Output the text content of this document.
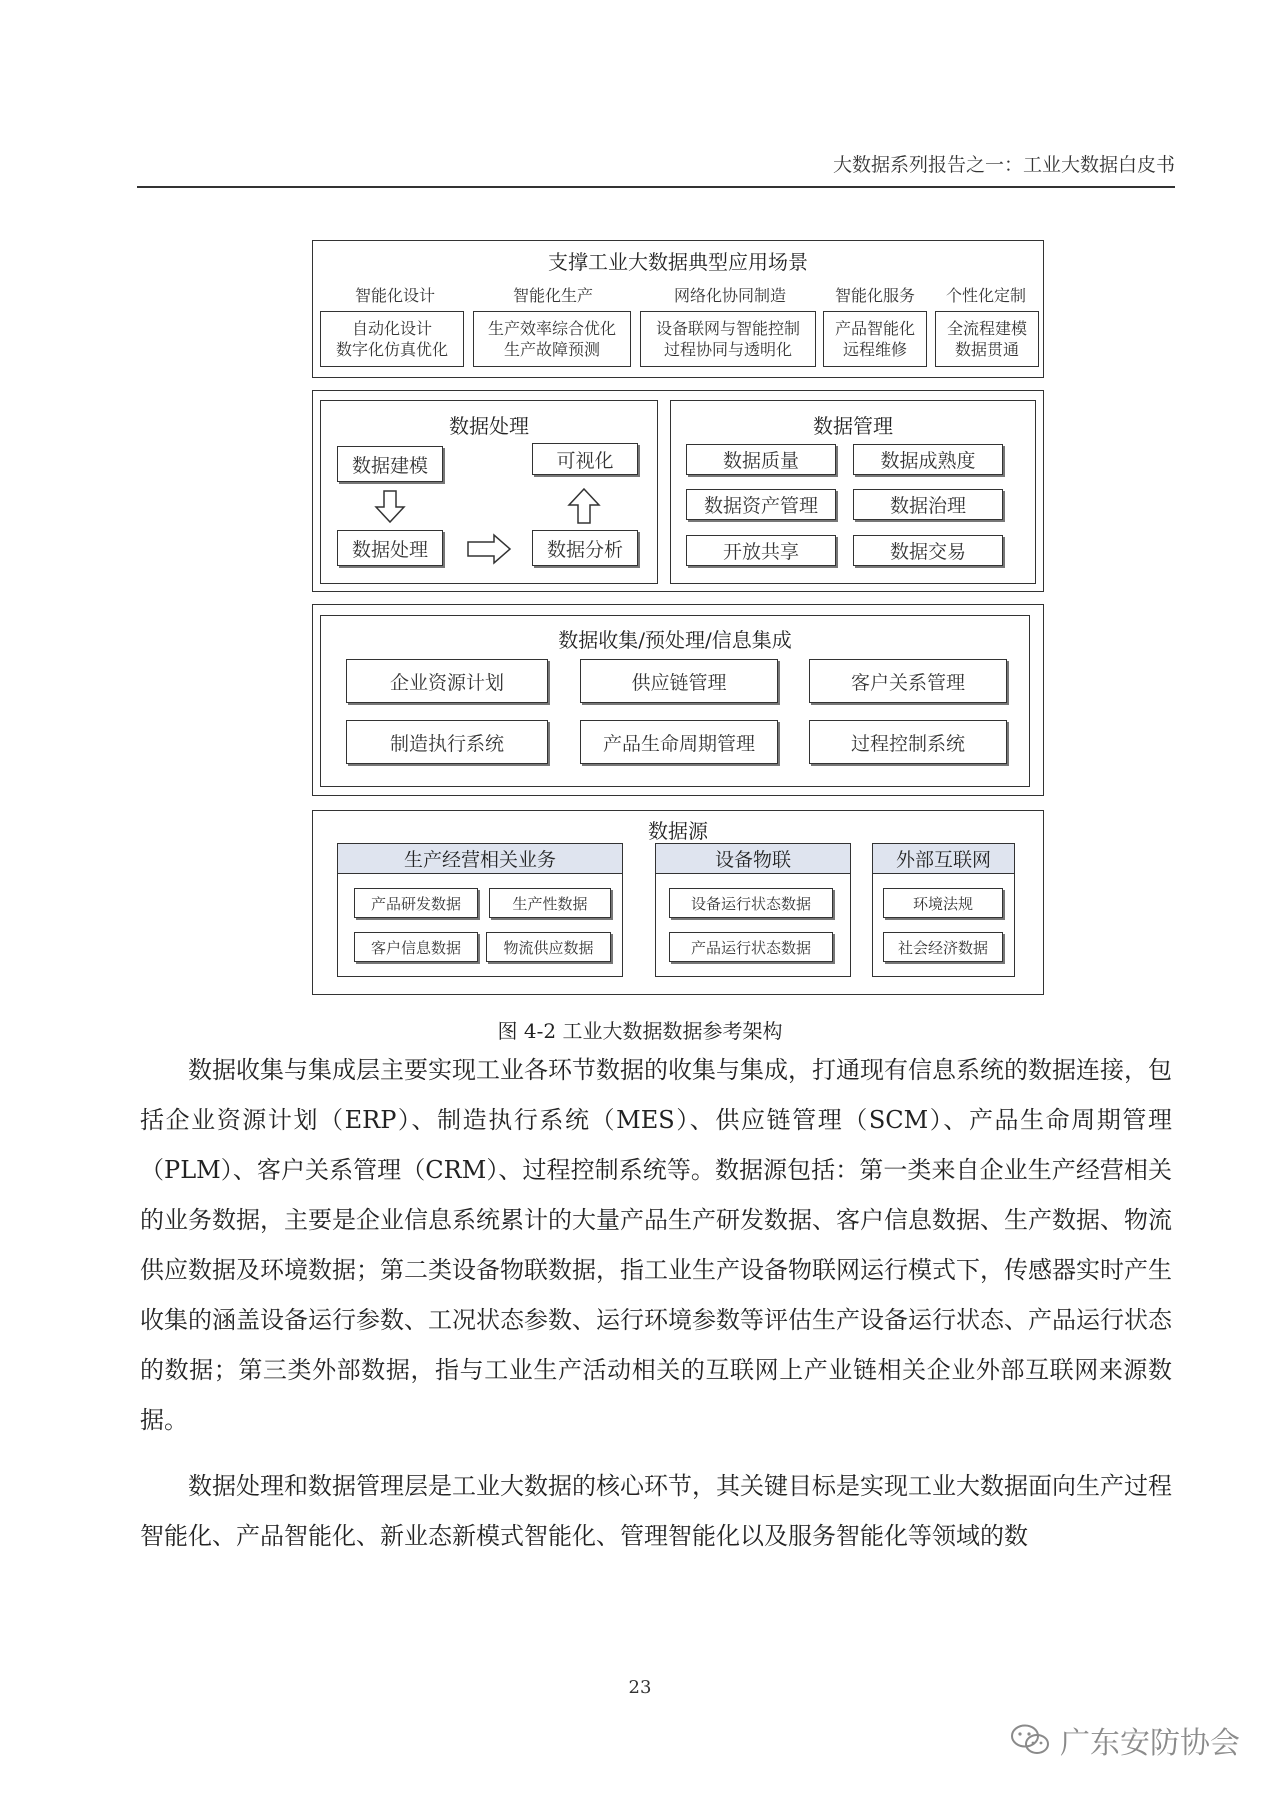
大数据系列报告之一：工业大数据白皮书
支撑工业大数据典型应用场景
智能化设计	智能化生产	网络化协同制造	智能化服务	个性化定制
自动化设计
数字化仿真优化
生产效率综合优化
生产故障预测
设备联网与智能控制
过程协同与透明化
产品智能化
远程维修
全流程建模
数据贯通
数据处理
数据建模	可视化
数据处理	数据分析
数据管理
数据质量	数据成熟度
数据资产管理	数据治理
开放共享	数据交易
数据收集/预处理/信息集成
企业资源计划	供应链管理	客户关系管理
制造执行系统	产品生命周期管理	过程控制系统
数据源
生产经营相关业务
产品研发数据	生产性数据
客户信息数据	物流供应数据
设备物联
设备运行状态数据
产品运行状态数据
外部互联网
环境法规
社会经济数据
图 4-2 工业大数据数据参考架构
数据收集与集成层主要实现工业各环节数据的收集与集成，打通现有信息系统的数据连接，包括企业资源计划（ERP）、制造执行系统（MES）、供应链管理（SCM）、产品生命周期管理（PLM）、客户关系管理（CRM）、过程控制系统等。数据源包括：第一类来自企业生产经营相关的业务数据，主要是企业信息系统累计的大量产品生产研发数据、客户信息数据、生产数据、物流供应数据及环境数据；第二类设备物联数据，指工业生产设备物联网运行模式下，传感器实时产生收集的涵盖设备运行参数、工况状态参数、运行环境参数等评估生产设备运行状态、产品运行状态的数据；第三类外部数据，指与工业生产活动相关的互联网上产业链相关企业外部互联网来源数据。
数据处理和数据管理层是工业大数据的核心环节，其关键目标是实现工业大数据面向生产过程智能化、产品智能化、新业态新模式智能化、管理智能化以及服务智能化等领域的数
23
广东安防协会
